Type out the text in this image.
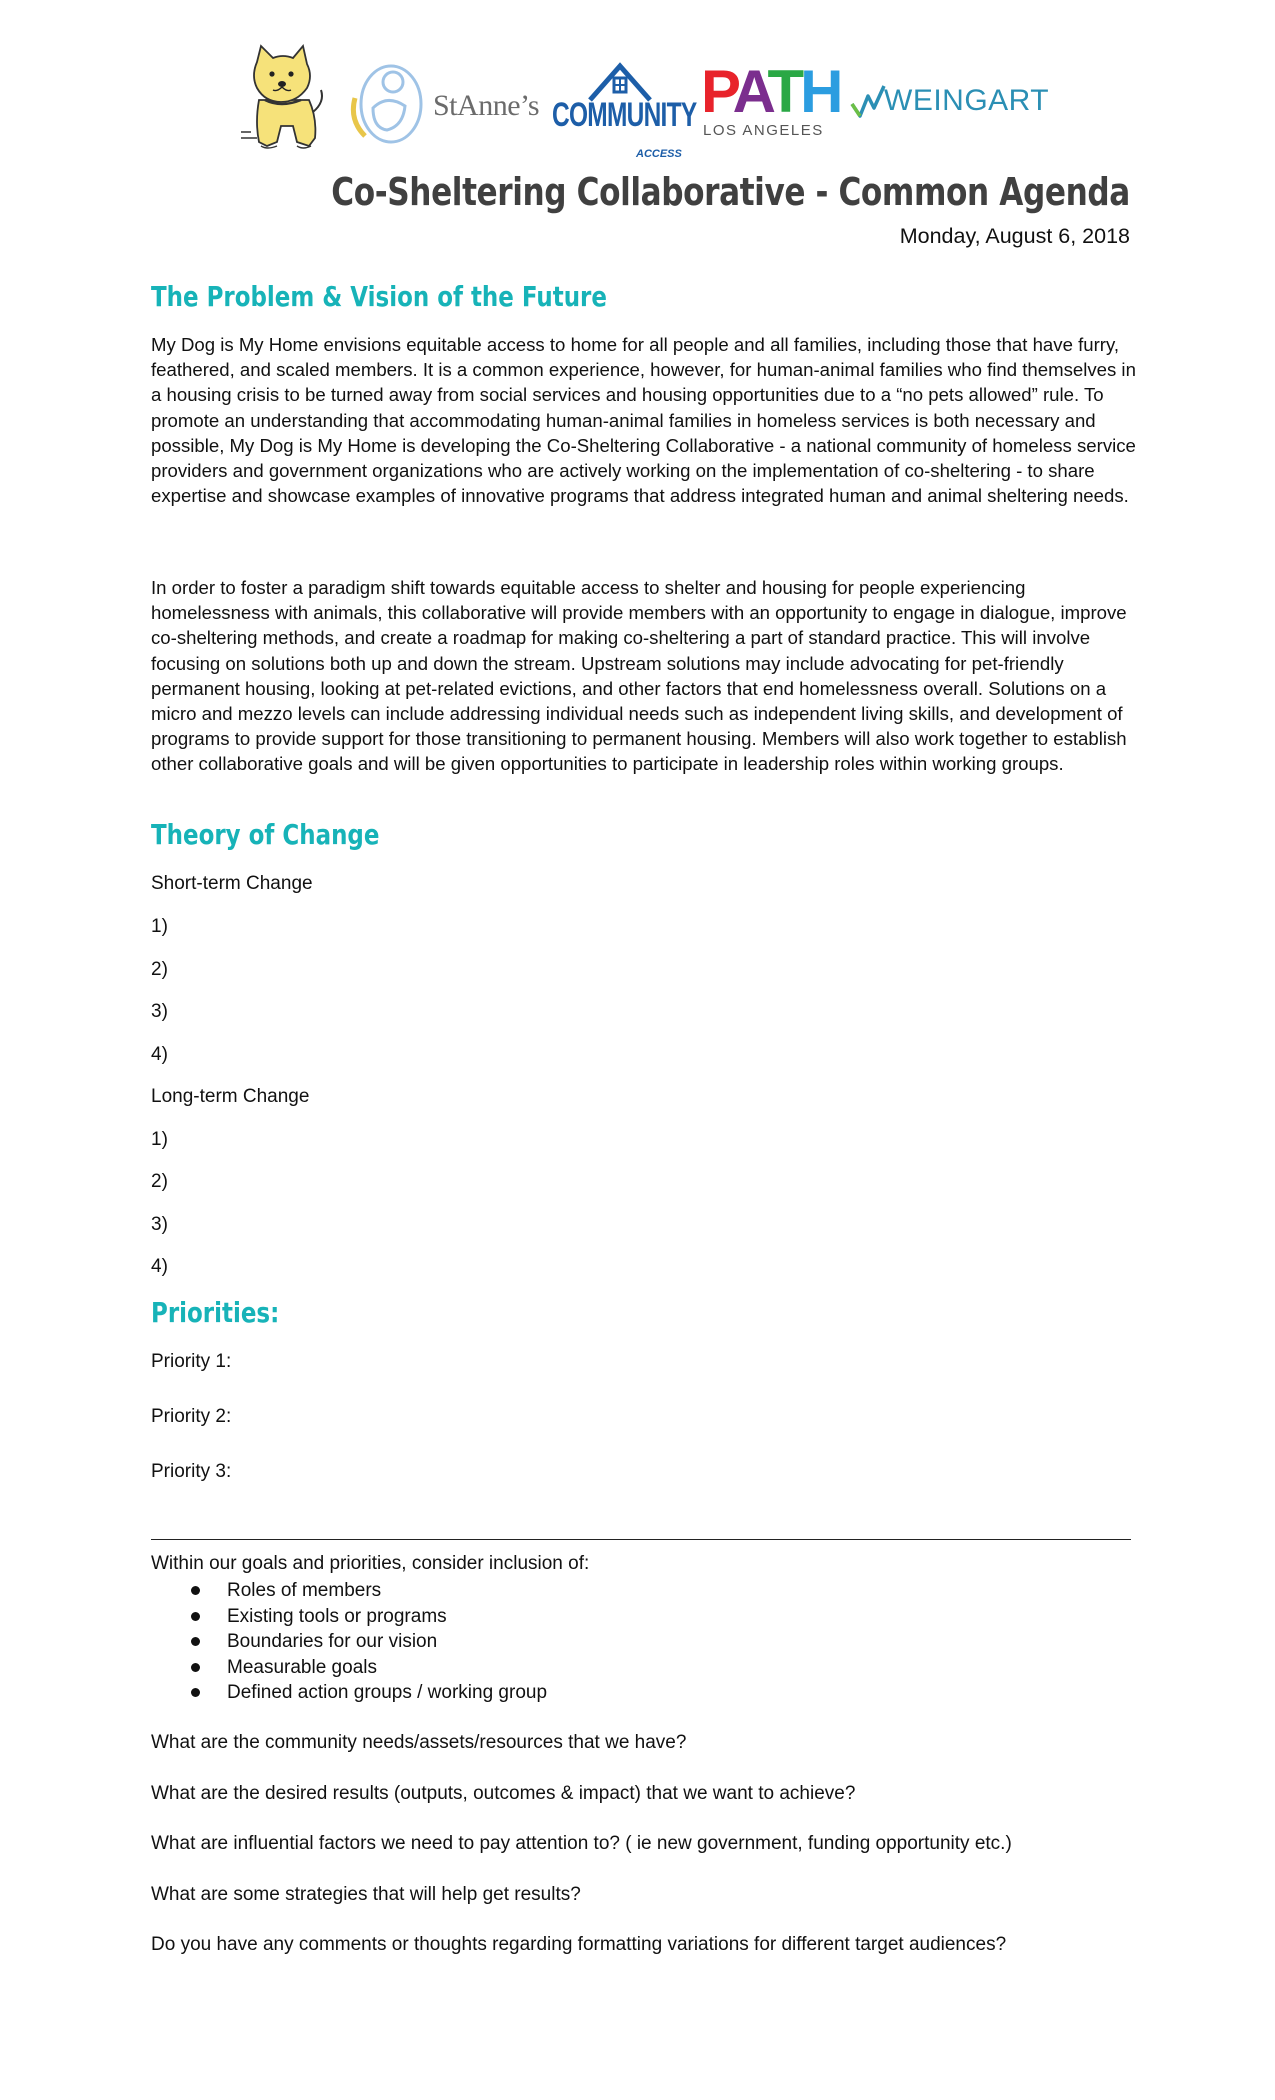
StAnne’s COMMUNITY
ACCESS
PATH
LOS ANGELES
WEINGART
Co-Sheltering Collaborative - Common Agenda
Monday, August 6, 2018
The Problem & Vision of the Future

My Dog is My Home envisions equitable access to home for all people and all families, including those that have furry, feathered, and scaled members. It is a common experience, however, for human-animal families who find themselves in a housing crisis to be turned away from social services and housing opportunities due to a “no pets allowed” rule. To promote an understanding that accommodating human-animal families in homeless services is both necessary and possible, My Dog is My Home is developing the Co-Sheltering Collaborative - a national community of homeless service providers and government organizations who are actively working on the implementation of co-sheltering - to share expertise and showcase examples of innovative programs that address integrated human and animal sheltering needs.

In order to foster a paradigm shift towards equitable access to shelter and housing for people experiencing homelessness with animals, this collaborative will provide members with an opportunity to engage in dialogue, improve co-sheltering methods, and create a roadmap for making co-sheltering a part of standard practice. This will involve focusing on solutions both up and down the stream. Upstream solutions may include advocating for pet-friendly permanent housing, looking at pet-related evictions, and other factors that end homelessness overall. Solutions on a micro and mezzo levels can include addressing individual needs such as independent living skills, and development of programs to provide support for those transitioning to permanent housing. Members will also work together to establish other collaborative goals and will be given opportunities to participate in leadership roles within working groups.

Theory of Change

Short-term Change

1)

2)

3)

4)

Long-term Change

1)

2)

3)

4)

Priorities:

Priority 1:

Priority 2:

Priority 3:

Within our goals and priorities, consider inclusion of:

Roles of members
Existing tools or programs
Boundaries for our vision
Measurable goals
Defined action groups / working group

What are the community needs/assets/resources that we have?

What are the desired results (outputs, outcomes & impact) that we want to achieve?

What are influential factors we need to pay attention to? ( ie new government, funding opportunity etc.)

What are some strategies that will help get results?

Do you have any comments or thoughts regarding formatting variations for different target audiences?
